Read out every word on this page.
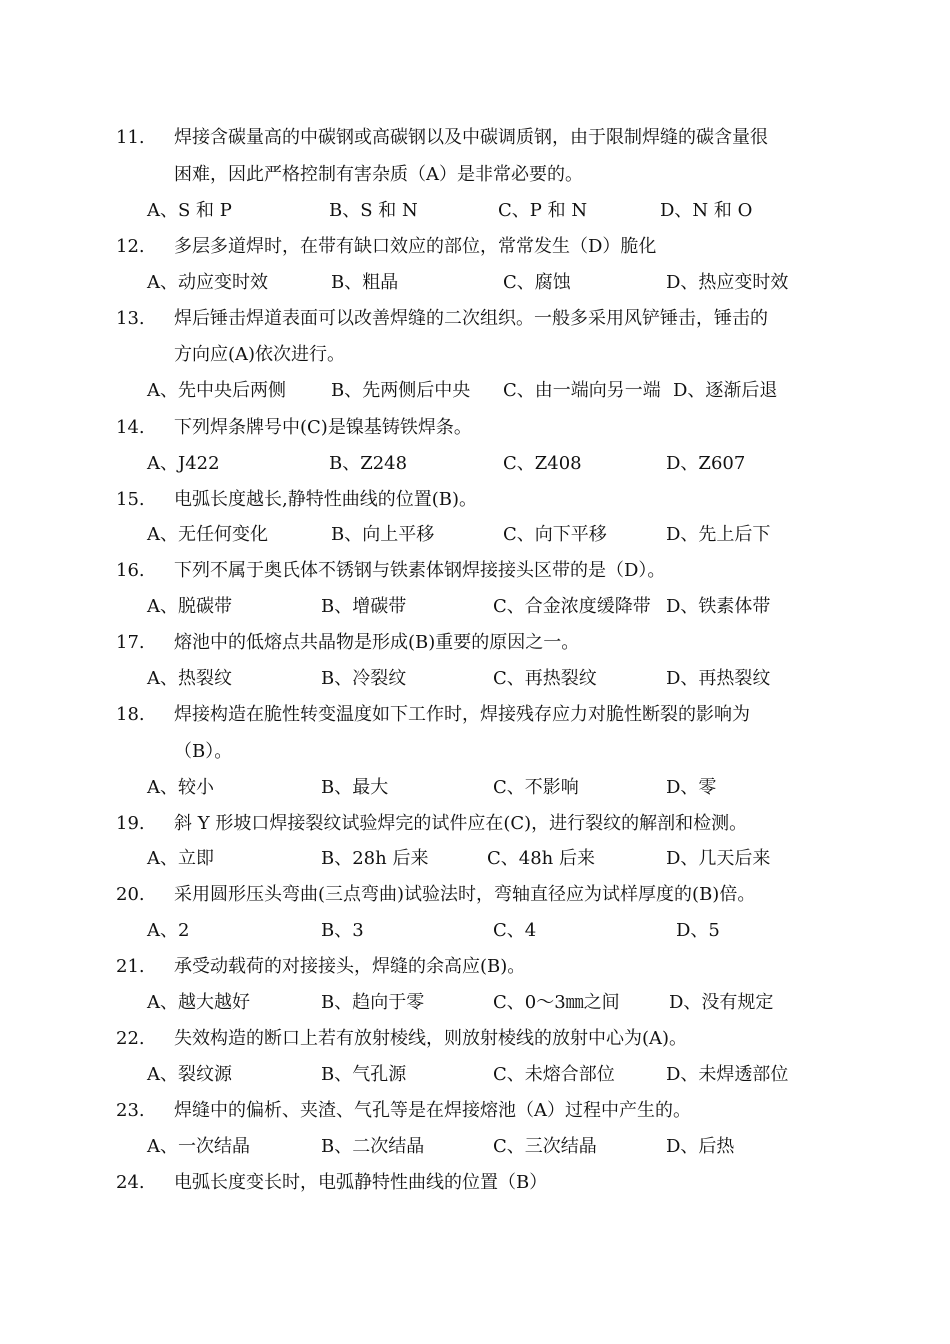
11. 焊接含碳量高的中碳钢或高碳钢以及中碳调质钢，由于限制焊缝的碳含量很
困难，因此严格控制有害杂质（A）是非常必要的。
A、S 和 P	B、S 和 N	C、P 和 N	D、N 和 O
12. 多层多道焊时，在带有缺口效应的部位，常常发生（D）脆化
A、动应变时效	B、粗晶	C、腐蚀	D、热应变时效
13. 焊后锤击焊道表面可以改善焊缝的二次组织。一般多采用风铲锤击，锤击的
方向应(A)依次进行。
A、先中央后两侧	B、先两侧后中央 C、由一端向另一端 D、逐渐后退
14. 下列焊条牌号中(C)是镍基铸铁焊条。
A、J422	B、Z248	C、Z408	D、Z607
15. 电弧长度越长,静特性曲线的位置(B)。
A、无任何变化	B、向上平移	C、向下平移	D、先上后下
16. 下列不属于奥氏体不锈钢与铁素体钢焊接接头区带的是（D）。
A、脱碳带	B、增碳带	C、合金浓度缓降带 D、铁素体带
17. 熔池中的低熔点共晶物是形成(B)重要的原因之一。
A、热裂纹	B、冷裂纹	C、再热裂纹	D、再热裂纹
18. 焊接构造在脆性转变温度如下工作时，焊接残存应力对脆性断裂的影响为
（B）。
A、较小	B、最大	C、不影响	D、零
19. 斜 Y 形坡口焊接裂纹试验焊完的试件应在(C)，进行裂纹的解剖和检测。
A、立即	B、28h 后来	C、48h 后来	D、几天后来
20. 采用圆形压头弯曲(三点弯曲)试验法时，弯轴直径应为试样厚度的(B)倍。
A、2	B、3	C、4	D、5
21. 承受动载荷的对接接头，焊缝的余高应(B)。
A、越大越好	B、趋向于零	C、0～3㎜之间	D、没有规定
22. 失效构造的断口上若有放射棱线，则放射棱线的放射中心为(A)。
A、裂纹源	B、气孔源	C、未熔合部位	D、未焊透部位
23. 焊缝中的偏析、夹渣、气孔等是在焊接熔池（A）过程中产生的。
A、一次结晶	B、二次结晶	C、三次结晶	D、后热
24. 电弧长度变长时，电弧静特性曲线的位置（B）
